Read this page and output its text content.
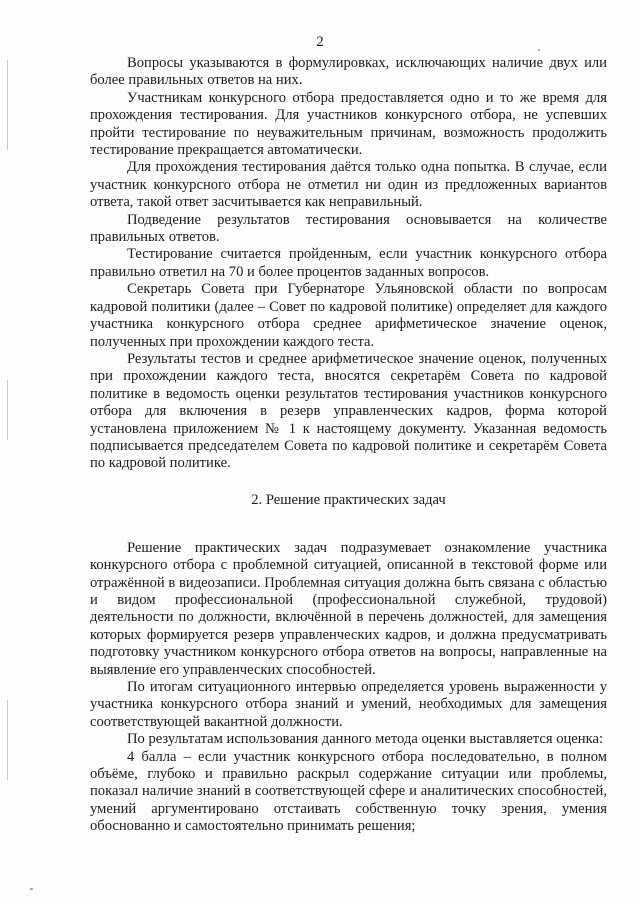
2

Вопросы указываются в формулировках, исключающих наличие двух или более правильных ответов на них.

Участникам конкурсного отбора предоставляется одно и то же время для прохождения тестирования. Для участников конкурсного отбора, не успевших пройти тестирование по неуважительным причинам, возможность продолжить тестирование прекращается автоматически.

Для прохождения тестирования даётся только одна попытка. В случае, если участник конкурсного отбора не отметил ни один из предложенных вариантов ответа, такой ответ засчитывается как неправильный.

Подведение результатов тестирования основывается на количестве правильных ответов.

Тестирование считается пройденным, если участник конкурсного отбора правильно ответил на 70 и более процентов заданных вопросов.

Секретарь Совета при Губернаторе Ульяновской области по вопросам кадровой политики (далее – Совет по кадровой политике) определяет для каждого участника конкурсного отбора среднее арифметическое значение оценок, полученных при прохождении каждого теста.

Результаты тестов и среднее арифметическое значение оценок, полученных при прохождении каждого теста, вносятся секретарём Совета по кадровой политике в ведомость оценки результатов тестирования участников конкурсного отбора для включения в резерв управленческих кадров, форма которой установлена приложением № 1 к настоящему документу. Указанная ведомость подписывается председателем Совета по кадровой политике и секретарём Совета по кадровой политике.

2. Решение практических задач

Решение практических задач подразумевает ознакомление участника конкурсного отбора с проблемной ситуацией, описанной в текстовой форме или отражённой в видеозаписи. Проблемная ситуация должна быть связана с областью и видом профессиональной (профессиональной служебной, трудовой) деятельности по должности, включённой в перечень должностей, для замещения которых формируется резерв управленческих кадров, и должна предусматривать подготовку участником конкурсного отбора ответов на вопросы, направленные на выявление его управленческих способностей.

По итогам ситуационного интервью определяется уровень выраженности у участника конкурсного отбора знаний и умений, необходимых для замещения соответствующей вакантной должности.

По результатам использования данного метода оценки выставляется оценка:

4 балла – если участник конкурсного отбора последовательно, в полном объёме, глубоко и правильно раскрыл содержание ситуации или проблемы, показал наличие знаний в соответствующей сфере и аналитических способностей, умений аргументировано отстаивать собственную точку зрения, умения обоснованно и самостоятельно принимать решения;
